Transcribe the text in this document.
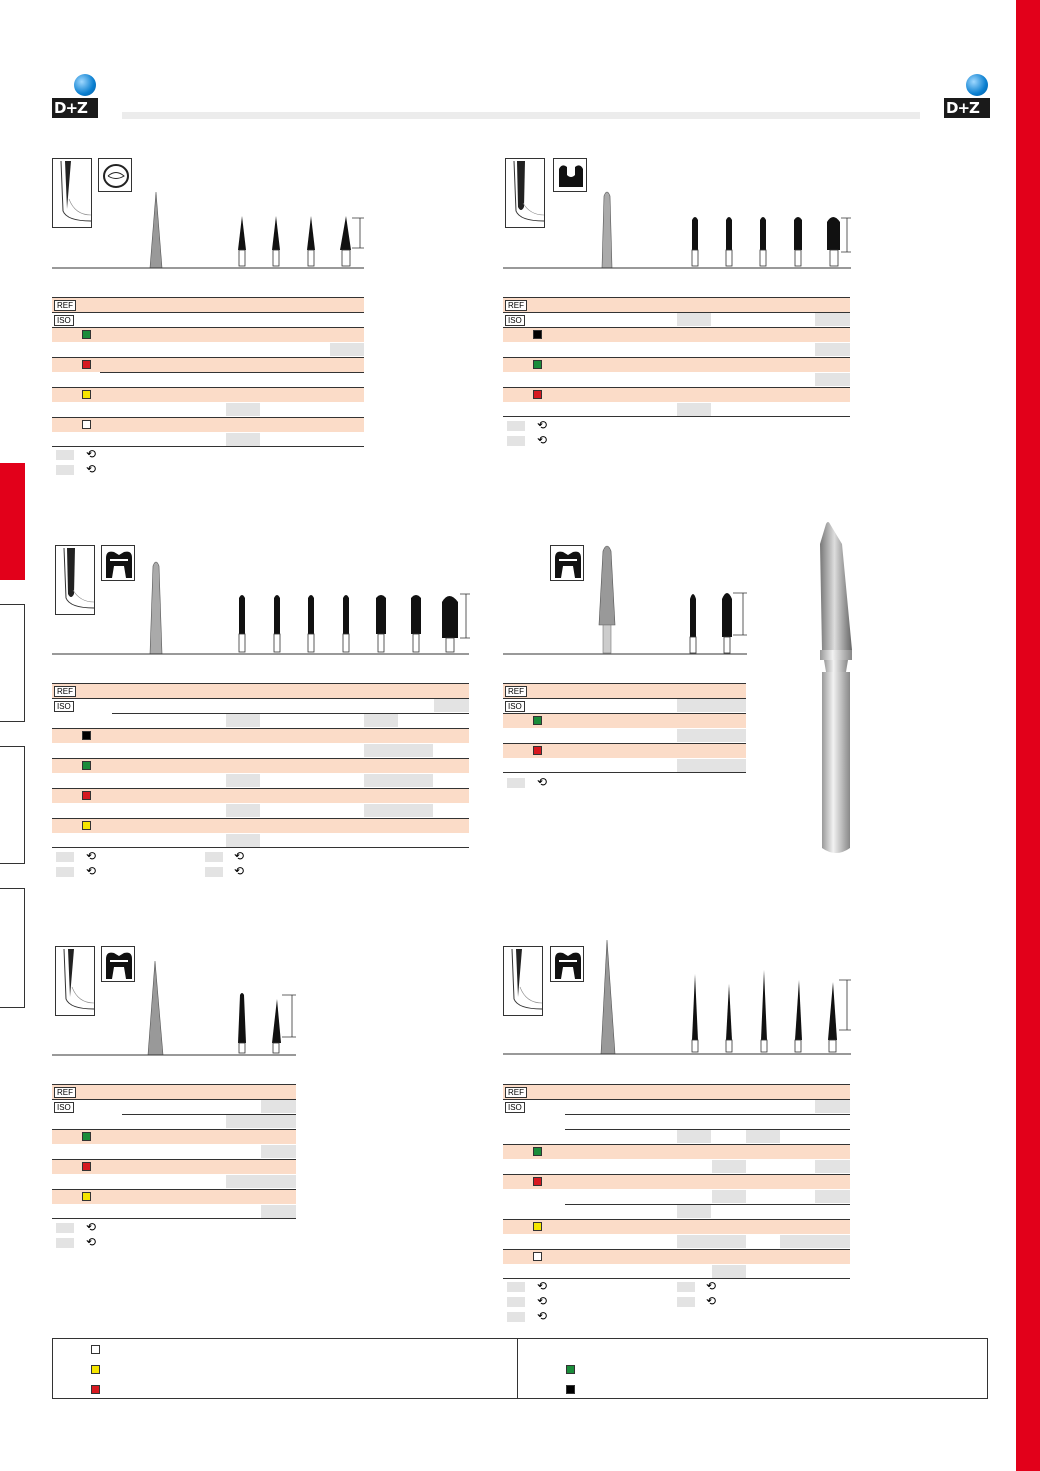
D+Z	D+Z
REF
ISO
⟲
⟲
REF
ISO
⟲
⟲
REF
ISO
⟲
⟲
⟲
⟲
REF
ISO
⟲
REF
ISO
⟲
⟲
REF
ISO
⟲
⟲
⟲
⟲
⟲
